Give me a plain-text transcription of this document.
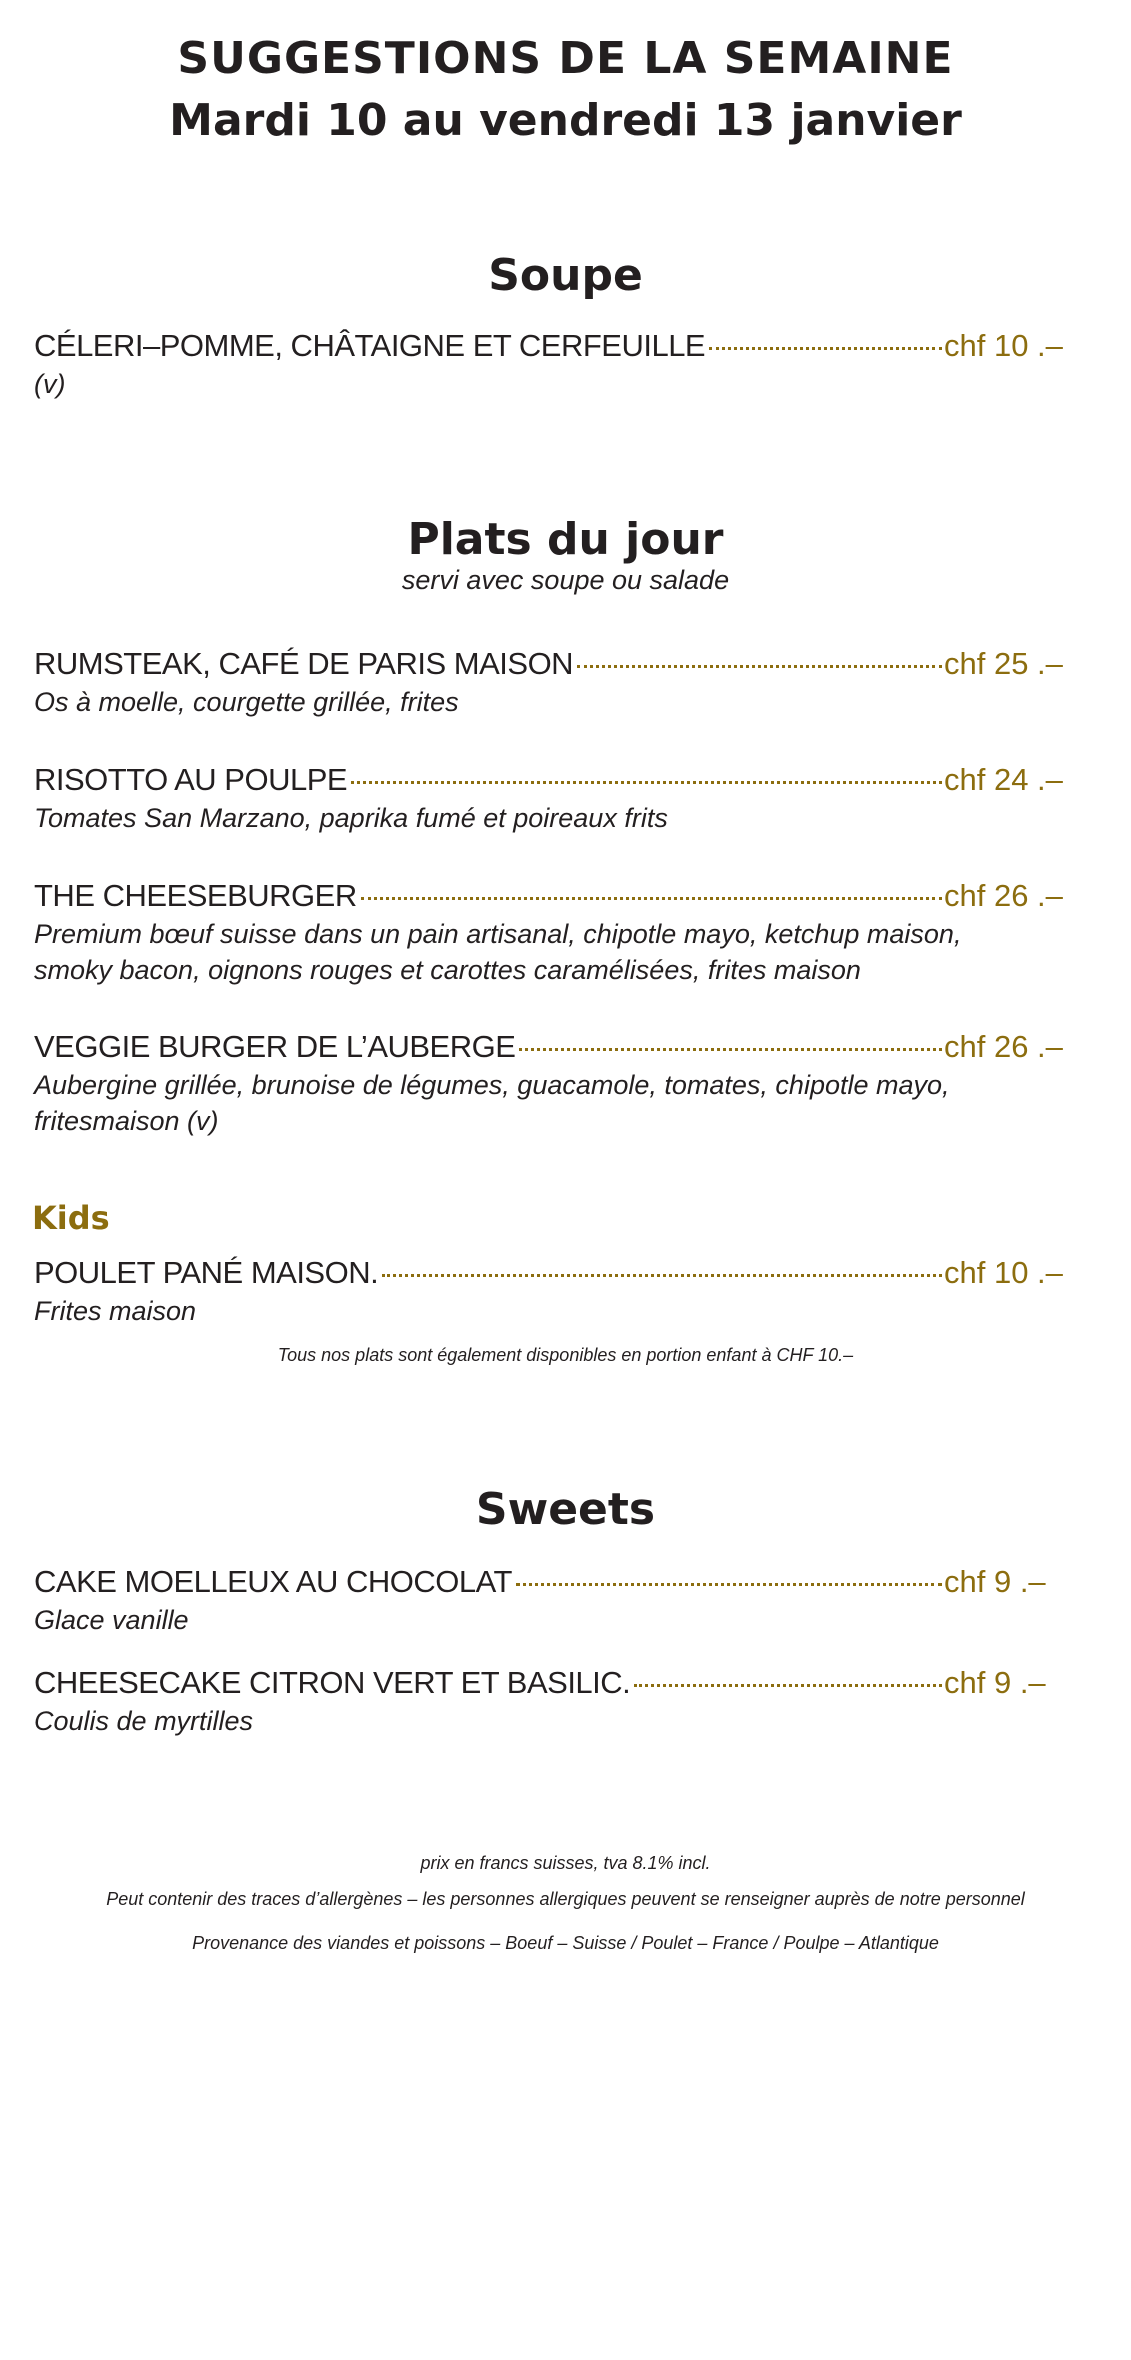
SUGGESTIONS DE LA SEMAINE

Mardi 10 au vendredi 13 janvier

Soupe
CÉLERI–POMME, CHÂTAIGNE ET CERFEUILLE	chf 10 .–

(v)

Plats du jour

servi avec soupe ou salade

RUMSTEAK, CAFÉ DE PARIS MAISON	chf 25 .–

Os à moelle, courgette grillée, frites

RISOTTO AU POULPE	chf 24 .–

Tomates San Marzano, paprika fumé et poireaux frits

THE CHEESEBURGER	chf 26 .–

Premium bœuf suisse dans un pain artisanal, chipotle mayo, ketchup maison, smoky bacon, oignons rouges et carottes caramélisées, frites maison

VEGGIE BURGER DE L’AUBERGE	chf 26 .–

Aubergine grillée, brunoise de légumes, guacamole, tomates, chipotle mayo, fritesmaison (v)

Kids
POULET PANÉ MAISON.	chf 10 .–

Frites maison

Tous nos plats sont également disponibles en portion enfant à CHF 10.–

Sweets
CAKE MOELLEUX AU CHOCOLAT	chf 9 .–

Glace vanille

CHEESECAKE CITRON VERT ET BASILIC.	chf 9 .–

Coulis de myrtilles

prix en francs suisses, tva 8.1% incl.

Peut contenir des traces d’allergènes – les personnes allergiques peuvent se renseigner auprès de notre personnel

Provenance des viandes et poissons – Boeuf – Suisse / Poulet – France / Poulpe – Atlantique
